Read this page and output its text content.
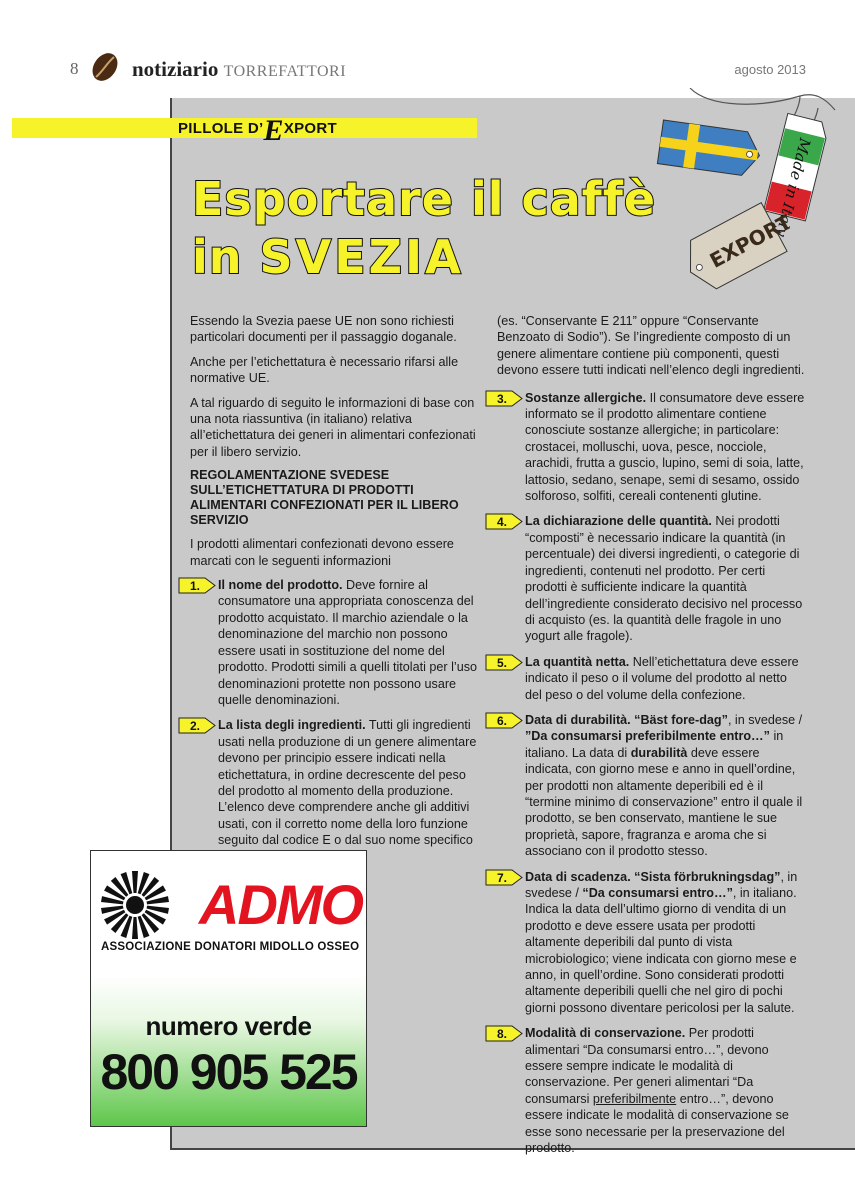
8	notiziario TORREFATTORI	agosto 2013
PILLOLE D’EXPORT
Esportare il caffè
in SVEZIA
Made in Italy
EXPORT

Essendo la Svezia paese UE non sono richiesti particolari documenti per il passaggio doganale.

Anche per l’etichettatura è necessario rifarsi alle normative UE.

A tal riguardo di seguito le informazioni di base con una nota riassuntiva (in italiano) relativa all’etichettatura dei generi in alimentari confezionati per il libero servizio.

REGOLAMENTAZIONE SVEDESE SULL’ETICHETTATURA DI PRODOTTI ALIMENTARI CONFEZIONATI PER IL LIBERO SERVIZIO

I prodotti alimentari confezionati devono essere marcati con le seguenti informazioni

1. Il nome del prodotto. Deve fornire al consumatore una appropriata conoscenza del prodotto acquistato. Il marchio aziendale o la denominazione del marchio non possono essere usati in sostituzione del nome del prodotto. Prodotti simili a quelli titolati per l’uso denominazioni protette non possono usare quelle denominazioni.
2. La lista degli ingredienti. Tutti gli ingredienti usati nella produzione di un genere alimentare devono per principio essere indicati nella etichettatura, in ordine decrescente del peso del prodotto al momento della produzione. L’elenco deve comprendere anche gli additivi usati, con il corretto nome della loro funzione seguito dal codice E o dal suo nome specifico

(es. “Conservante E 211” oppure “Conservante Benzoato di Sodio”). Se l’ingrediente composto di un genere alimentare contiene più componenti, questi devono essere tutti indicati nell’elenco degli ingredienti.

3. Sostanze allergiche. Il consumatore deve essere informato se il prodotto alimentare contiene conosciute sostanze allergiche; in particolare: crostacei, molluschi, uova, pesce, nocciole, arachidi, frutta a guscio, lupino, semi di soia, latte, lattosio, sedano, senape, semi di sesamo, ossido solforoso, solfiti, cereali contenenti glutine.
4. La dichiarazione delle quantità. Nei prodotti “composti” è necessario indicare la quantità (in percentuale) dei diversi ingredienti, o categorie di ingredienti, contenuti nel prodotto. Per certi prodotti è sufficiente indicare la quantità dell’ingrediente considerato decisivo nel processo di acquisto (es. la quantità delle fragole in uno yogurt alle fragole).
5. La quantità netta. Nell’etichettatura deve essere indicato il peso o il volume del prodotto al netto del peso o del volume della confezione.
6. Data di durabilità. “Bäst fore-dag”, in svedese / ”Da consumarsi preferibilmente entro…” in italiano. La data di durabilità deve essere indicata, con giorno mese e anno in quell’ordine, per prodotti non altamente deperibili ed è il “termine minimo di conservazione” entro il quale il prodotto, se ben conservato, mantiene le sue proprietà, sapore, fragranza e aroma che si associano con il prodotto stesso.
7. Data di scadenza. “Sista förbrukningsdag”, in svedese / “Da consumarsi entro…”, in italiano. Indica la data dell’ultimo giorno di vendita di un prodotto e deve essere usata per prodotti altamente deperibili dal punto di vista microbiologico; viene indicata con giorno mese e anno, in quell’ordine. Sono considerati prodotti altamente deperibili quelli che nel giro di pochi giorni possono diventare pericolosi per la salute.
8. Modalità di conservazione. Per prodotti alimentari “Da consumarsi entro…”, devono essere sempre indicate le modalità di conservazione. Per generi alimentari “Da consumarsi preferibilmente entro…”, devono essere indicate le modalità di conservazione se esse sono necessarie per la preservazione del prodotto.
ADMO
ASSOCIAZIONE DONATORI MIDOLLO OSSEO
numero verde
800 905 525
